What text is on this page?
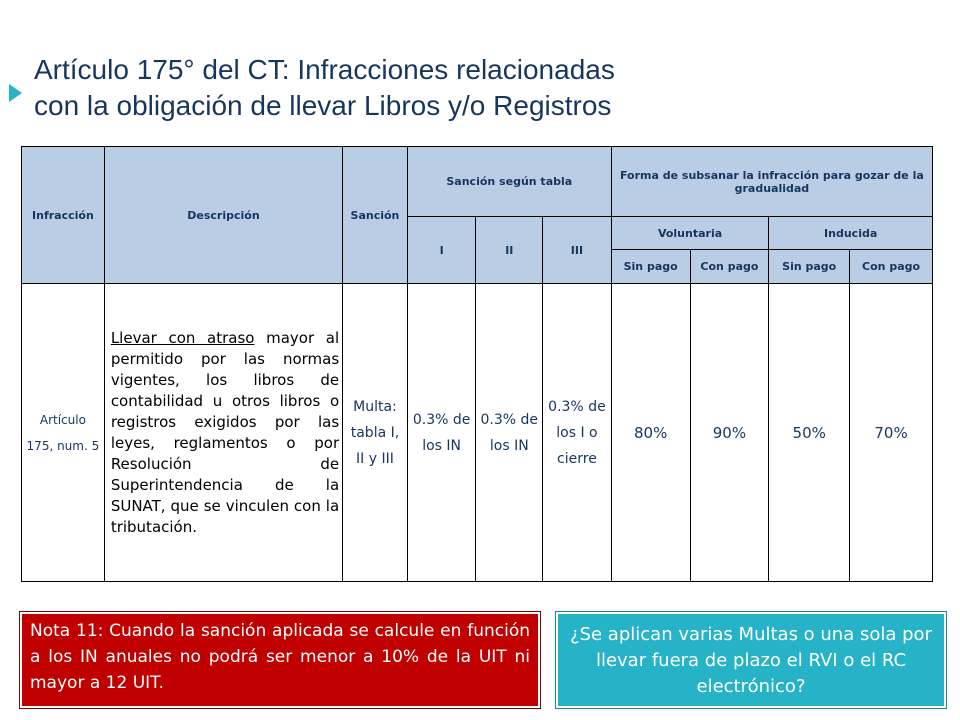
Artículo 175° del CT: Infracciones relacionadas
con la obligación de llevar Libros y/o Registros
Infracción	Descripción	Sanción	Sanción según tabla			Forma de subsanar la infracción para gozar de la gradualidad			
			I	II	III	Voluntaria		Inducida	
						Sin pago	Con pago	Sin pago	Con pago
Artículo 175, num. 5	Llevar con atraso mayor al permitido por las normas vigentes, los libros de contabilidad u otros libros o registros exigidos por las leyes, reglamentos o por Resolución de Superintendencia de la SUNAT, que se vinculen con la tributación.	Multa: tabla I, II y III	0.3% de los IN	0.3% de los IN	0.3% de los I o cierre	80%	90%	50%	70%
Nota 11: Cuando la sanción aplicada se calcule en función a los IN anuales no podrá ser menor a 10% de la UIT ni mayor a 12 UIT.
¿Se aplican varias Multas o una sola por llevar fuera de plazo el RVI o el RC electrónico?
